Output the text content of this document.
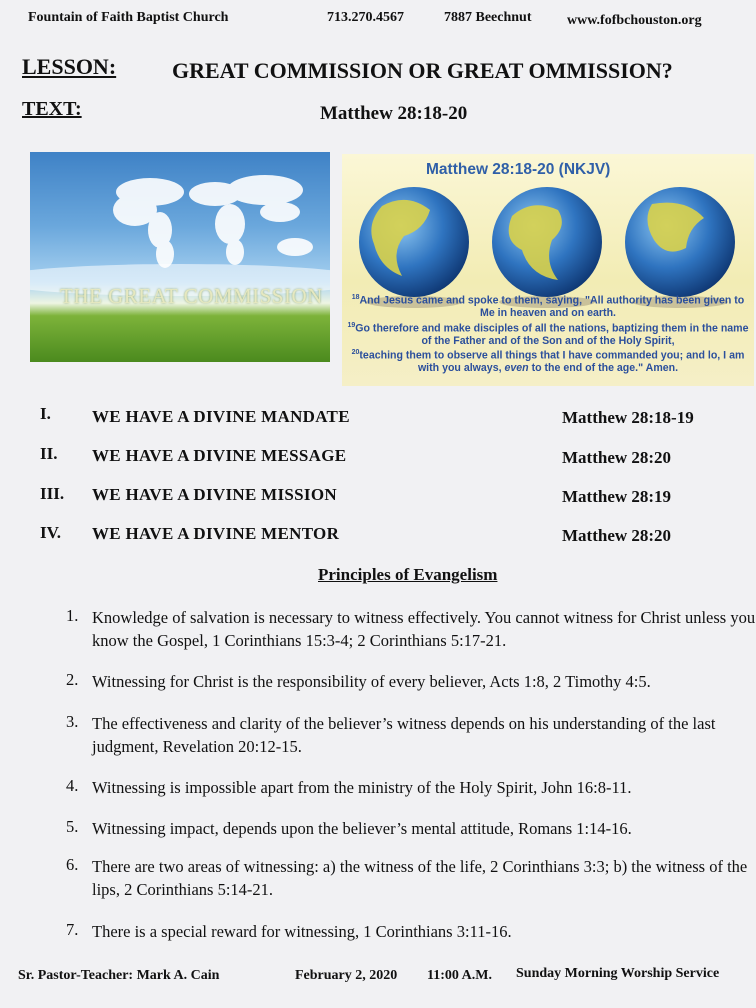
Fountain of Faith Baptist Church	713.270.4567	7887 Beechnut	www.fofbchouston.org
LESSON:	GREAT COMMISSION OR GREAT OMMISSION?
TEXT:	Matthew 28:18-20
THE GREAT COMMISSION
Matthew 28:18-20 (NKJV)
$^{18}$And Jesus came and spoke to them, saying, "All authority has been given to Me in heaven and on earth.
$^{19}$Go therefore and make disciples of all the nations, baptizing them in the name of the Father and of the Son and of the Holy Spirit,
$^{20}$teaching them to observe all things that I have commanded you; and lo, I am with you always, even to the end of the age." Amen.
I. WE HAVE A DIVINE MANDATE	Matthew 28:18-19
II. WE HAVE A DIVINE MESSAGE	Matthew 28:20
III. WE HAVE A DIVINE MISSION	Matthew 28:19
IV. WE HAVE A DIVINE MENTOR	Matthew 28:20
Principles of Evangelism
1. Knowledge of salvation is necessary to witness effectively. You cannot witness for Christ unless you know the Gospel, 1 Corinthians 15:3-4; 2 Corinthians 5:17-21.
2. Witnessing for Christ is the responsibility of every believer, Acts 1:8, 2 Timothy 4:5.
3. The effectiveness and clarity of the believer’s witness depends on his understanding of the last judgment, Revelation 20:12-15.
4. Witnessing is impossible apart from the ministry of the Holy Spirit, John 16:8-11.
5. Witnessing impact, depends upon the believer’s mental attitude, Romans 1:14-16.
6. There are two areas of witnessing: a) the witness of the life, 2 Corinthians 3:3; b) the witness of the lips, 2 Corinthians 5:14-21.
7. There is a special reward for witnessing, 1 Corinthians 3:11-16.
Sr. Pastor-Teacher: Mark A. Cain	February 2, 2020 11:00 A.M. Sunday Morning Worship Service
